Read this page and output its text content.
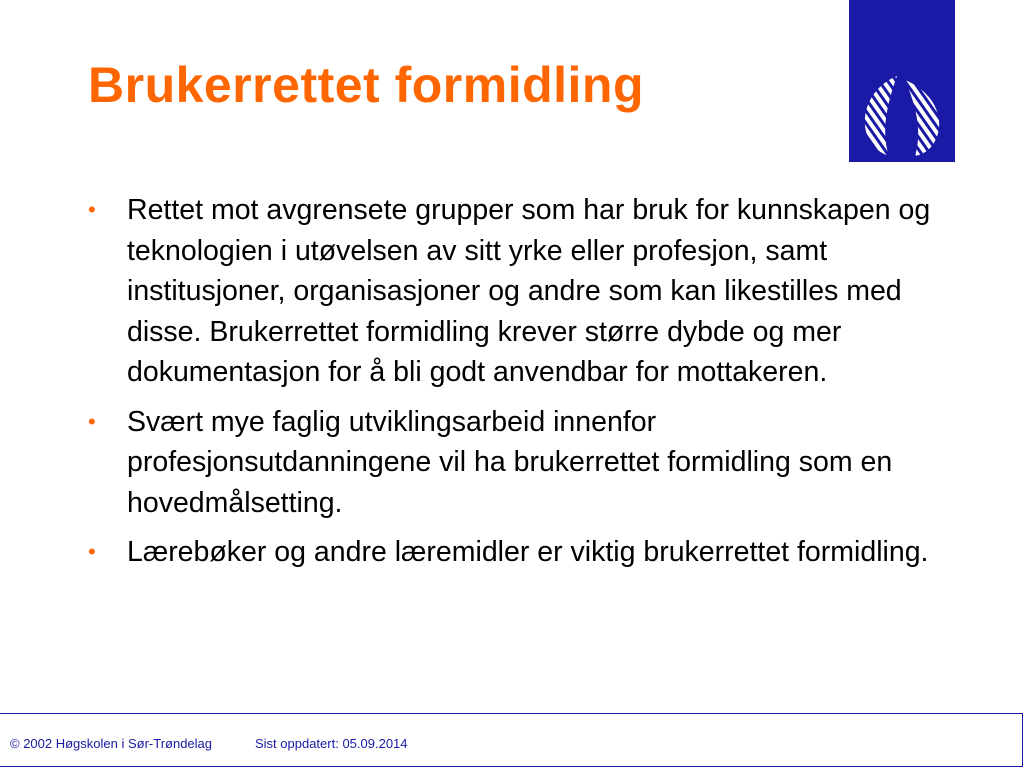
Brukerrettet formidling
• Rettet mot avgrensete grupper som har bruk for kunnskapen og teknologien i utøvelsen av sitt yrke eller profesjon, samt institusjoner, organisasjoner og andre som kan likestilles med disse. Brukerrettet formidling krever større dybde og mer dokumentasjon for å bli godt anvendbar for mottakeren.
• Svært mye faglig utviklingsarbeid innenfor profesjonsutdanningene vil ha brukerrettet formidling som en hovedmålsetting.
• Lærebøker og andre læremidler er viktig brukerrettet formidling.
© 2002 Høgskolen i Sør-Trøndelag	Sist oppdatert: 05.09.2014
